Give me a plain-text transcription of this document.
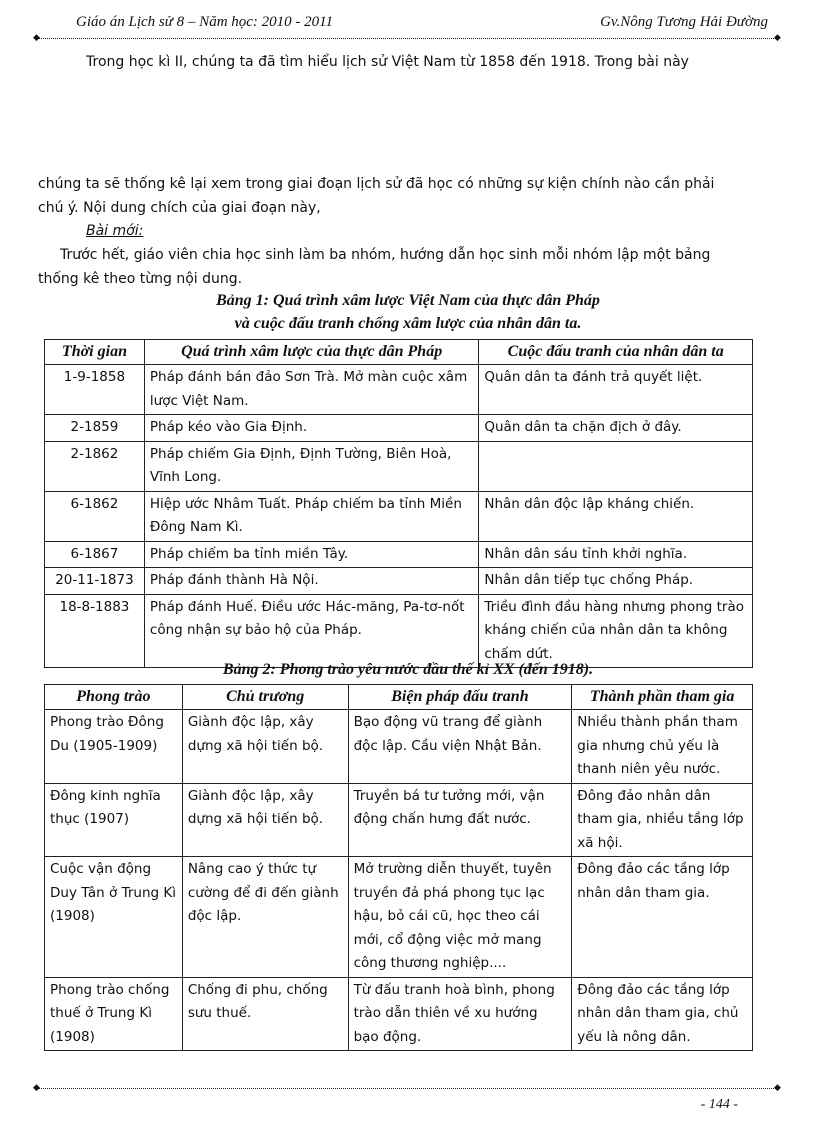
Giáo án Lịch sử 8 – Năm học: 2010 - 2011	Gv.Nông Tương Hải Đường
◆	◆
Trong học kì II, chúng ta đã tìm hiểu lịch sử Việt Nam từ 1858 đến 1918. Trong bài này
chúng ta sẽ thống kê lại xem trong giai đoạn lịch sử đã học có những sự kiện chính nào cần phải
chú ý. Nội dung chích của giai đoạn này,
Bài mới:
Trước hết, giáo viên chia học sinh làm ba nhóm, hướng dẫn học sinh mỗi nhóm lập một bảng
thống kê theo từng nội dung.
Bảng 1: Quá trình xâm lược Việt Nam của thực dân Pháp
và cuộc đấu tranh chống xâm lược của nhân dân ta.
Thời gian	Quá trình xâm lược của thực dân Pháp	Cuộc đấu tranh của nhân dân ta
1-9-1858	Pháp đánh bán đảo Sơn Trà. Mở màn cuộc xâm lược Việt Nam.	Quân dân ta đánh trả quyết liệt.
2-1859	Pháp kéo vào Gia Định.	Quân dân ta chặn địch ở đây.
2-1862	Pháp chiếm Gia Định, Định Tường, Biên Hoà, Vĩnh Long.	
6-1862	Hiệp ước Nhâm Tuất. Pháp chiếm ba tỉnh Miền Đông Nam Kì.	Nhân dân độc lập kháng chiến.
6-1867	Pháp chiếm ba tỉnh miền Tây.	Nhân dân sáu tỉnh khởi nghĩa.
20-11-1873	Pháp đánh thành Hà Nội.	Nhân dân tiếp tục chống Pháp.
18-8-1883	Pháp đánh Huế. Điều ước Hác-măng, Pa-tơ-nốt công nhận sự bảo hộ của Pháp.	Triều đình đầu hàng nhưng phong trào kháng chiến của nhân dân ta không chấm dứt.
Bảng 2: Phong trào yêu nước đầu thế kỉ XX (đến 1918).
Phong trào	Chủ trương	Biện pháp đấu tranh	Thành phần tham gia
Phong trào Đông Du (1905-1909)	Giành độc lập, xây dựng xã hội tiến bộ.	Bạo động vũ trang để giành độc lập. Cầu viện Nhật Bản.	Nhiều thành phần tham gia nhưng chủ yếu là thanh niên yêu nước.
Đông kinh nghĩa thục (1907)	Giành độc lập, xây dựng xã hội tiến bộ.	Truyền bá tư tưởng mới, vận động chấn hưng đất nước.	Đông đảo nhân dân tham gia, nhiều tầng lớp xã hội.
Cuộc vận động Duy Tân ở Trung Kì (1908)	Nâng cao ý thức tự cường để đi đến giành độc lập.	Mở trường diễn thuyết, tuyên truyền đả phá phong tục lạc hậu, bỏ cái cũ, học theo cái mới, cổ động việc mở mang công thương nghiệp....	Đông đảo các tầng lớp nhân dân tham gia.
Phong trào chống thuế ở Trung Kì (1908)	Chống đi phu, chống sưu thuế.	Từ đấu tranh hoà bình, phong trào dẫn thiên về xu hướng bạo động.	Đông đảo các tầng lớp nhân dân tham gia, chủ yếu là nông dân.
◆	◆
- 144 -
